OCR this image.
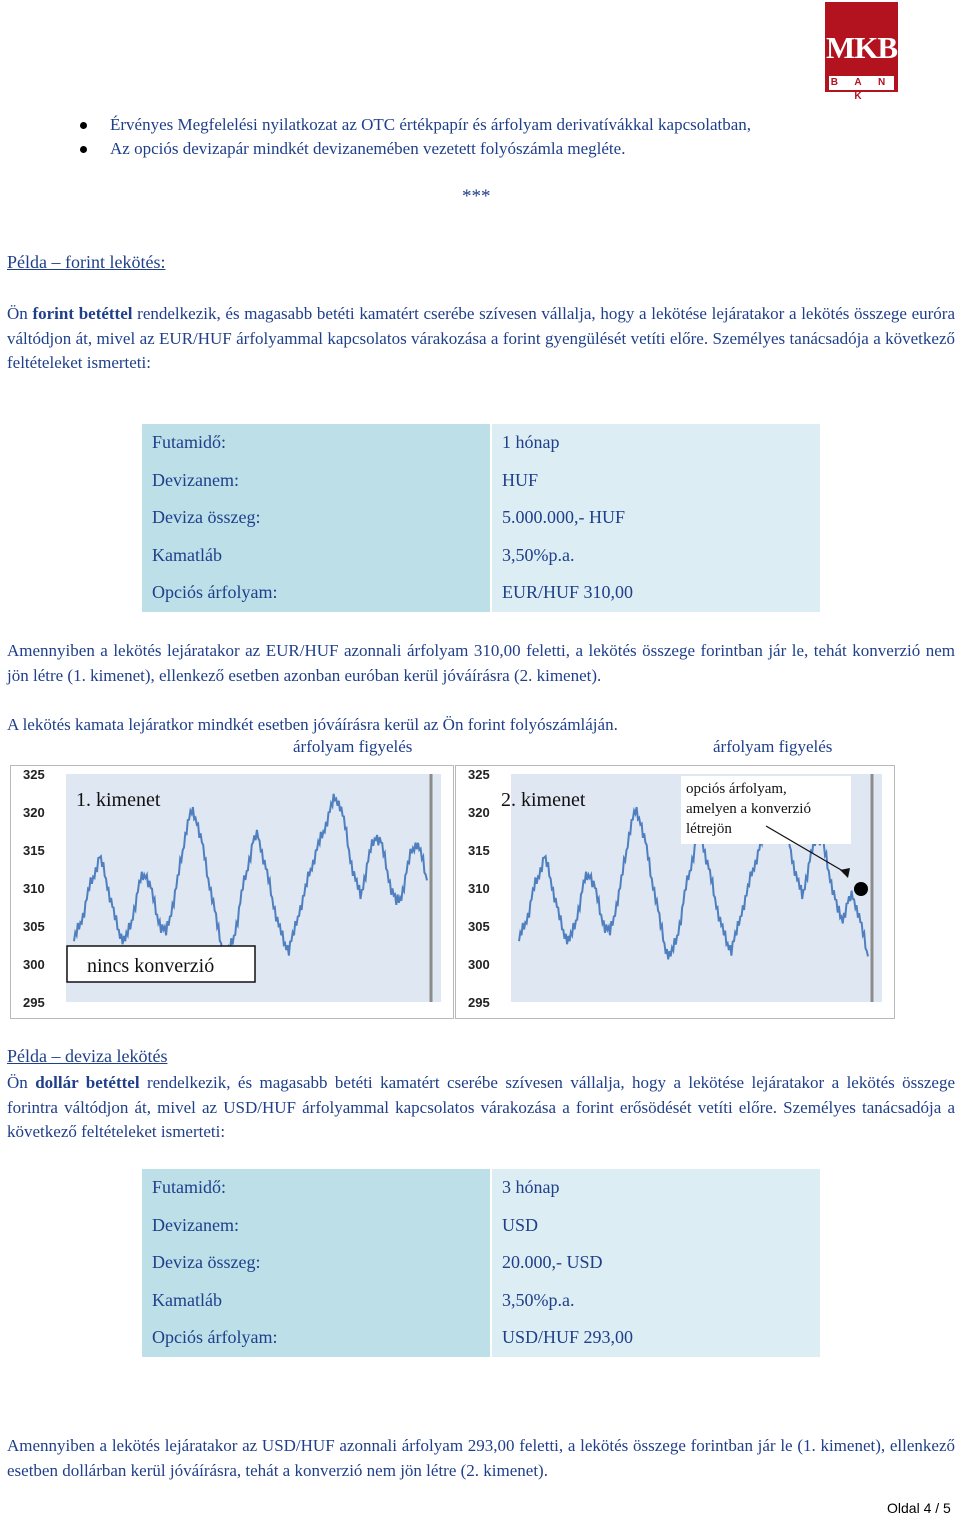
MKB
B A N K
Érvényes Megfelelési nyilatkozat az OTC értékpapír és árfolyam derivatívákkal kapcsolatban,
Az opciós devizapár mindkét devizanemében vezetett folyószámla megléte.
***
Példa – forint lekötés:
Ön forint betéttel rendelkezik, és magasabb betéti kamatért cserébe szívesen vállalja, hogy a lekötése lejáratakor a lekötés összege euróra váltódjon át, mivel az EUR/HUF árfolyammal kapcsolatos várakozása a forint gyengülését vetíti előre. Személyes tanácsadója a következő feltételeket ismerteti:
Futamidő:	1 hónap
Devizanem:	HUF
Deviza összeg:	5.000.000,- HUF
Kamatláb	3,50%p.a.
Opciós árfolyam:	EUR/HUF 310,00
Amennyiben a lekötés lejáratakor az EUR/HUF azonnali árfolyam 310,00 feletti, a lekötés összege forintban jár le, tehát konverzió nem jön létre (1. kimenet), ellenkező esetben azonban euróban kerül jóváírásra (2. kimenet).
A lekötés kamata lejáratkor mindkét esetben jóváírásra kerül az Ön forint folyószámláján.
árfolyam figyelés	árfolyam figyelés
325
320
315
310
305
300
295
1. kimenet
nincs konverzió
325
320
315
310
305
300
295
2. kimenet	opciós árfolyam,
amelyen a konverzió
létrejön
Példa – deviza lekötés
Ön dollár betéttel rendelkezik, és magasabb betéti kamatért cserébe szívesen vállalja, hogy a lekötése lejáratakor a lekötés összege forintra váltódjon át, mivel az USD/HUF árfolyammal kapcsolatos várakozása a forint erősödését vetíti előre. Személyes tanácsadója a következő feltételeket ismerteti:
Futamidő:	3 hónap
Devizanem:	USD
Deviza összeg:	20.000,- USD
Kamatláb	3,50%p.a.
Opciós árfolyam:	USD/HUF 293,00
Amennyiben a lekötés lejáratakor az USD/HUF azonnali árfolyam 293,00 feletti, a lekötés összege forintban jár le (1. kimenet), ellenkező esetben dollárban kerül jóváírásra, tehát a konverzió nem jön létre (2. kimenet).
Oldal 4 / 5
